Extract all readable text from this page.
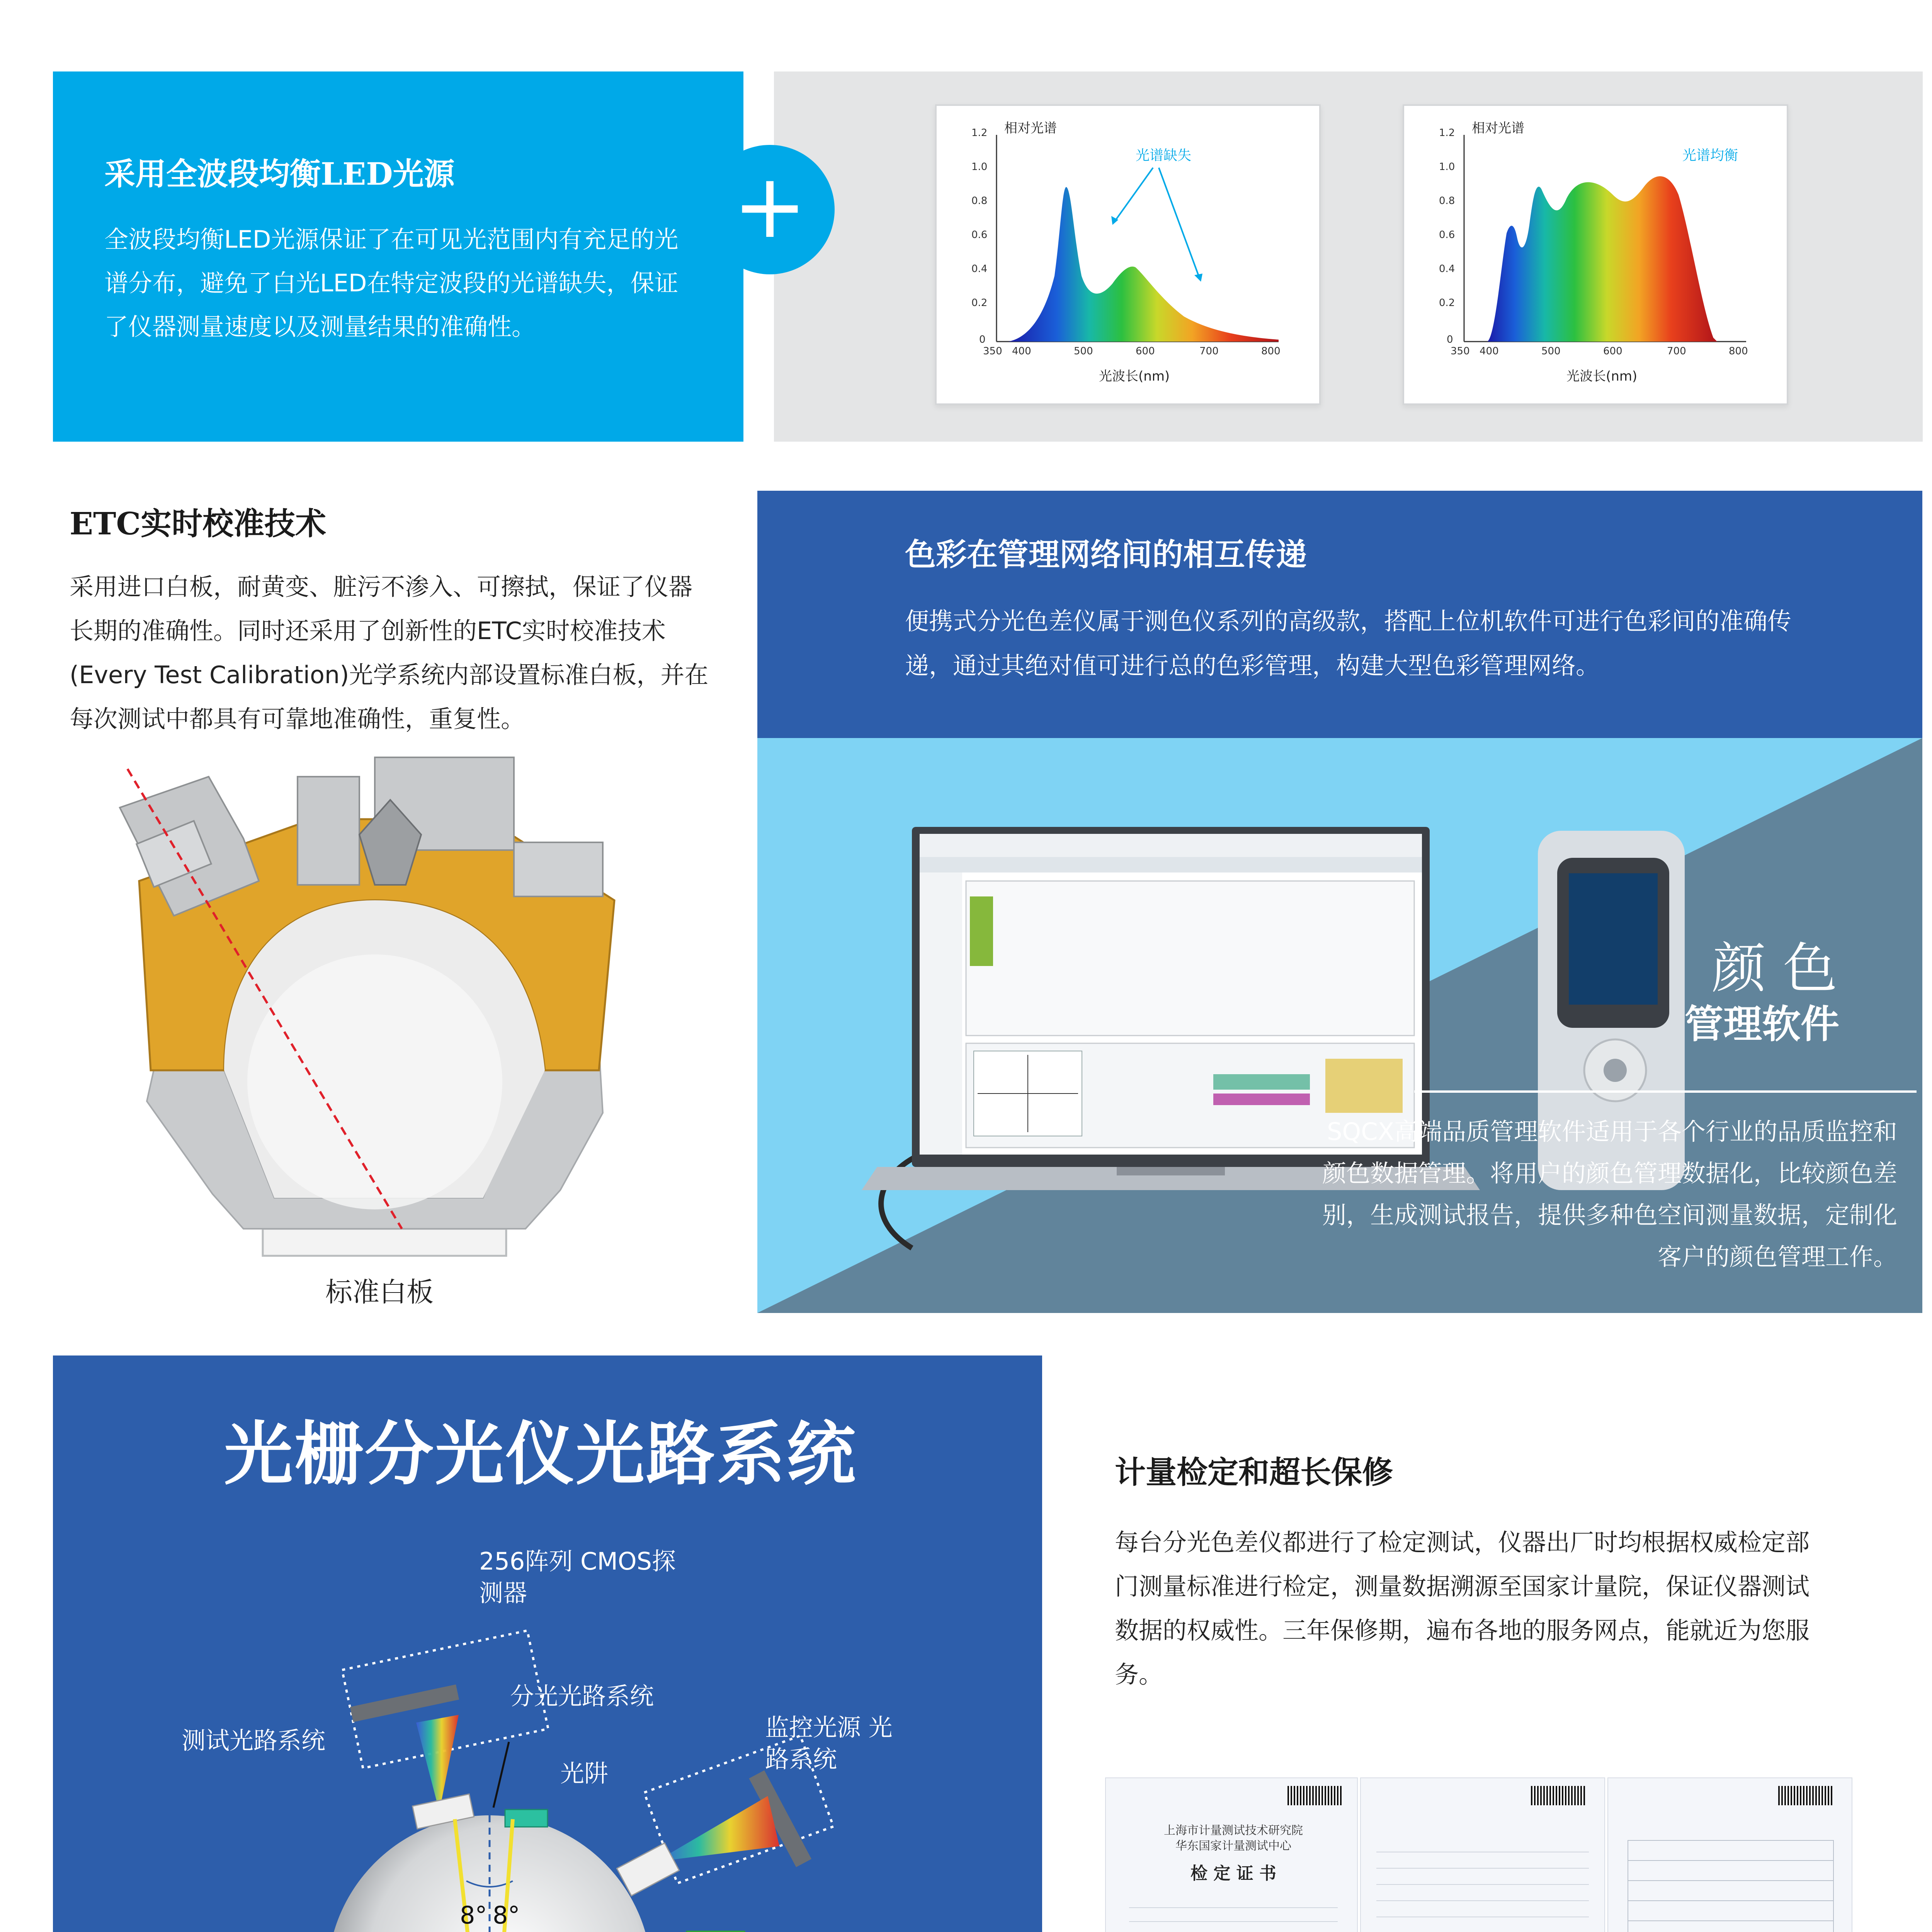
采用全波段均衡LED光源
全波段均衡LED光源保证了在可见光范围内有充足的光谱分布，避免了白光LED在特定波段的光谱缺失，保证了仪器测量速度以及测量结果的准确性。
+
相对光谱
光谱缺失
光波长(nm)
1.2
1.0
0.8
0.6
0.4
0.2
0
350 400	500	600	700	800
相对光谱
光谱均衡
光波长(nm)
1.2
1.0
0.8
0.6
0.4
0.2
0
350 400	500	600	700	800
ETC实时校准技术
采用进口白板，耐黄变、脏污不渗入、可擦拭，保证了仪器长期的准确性。同时还采用了创新性的ETC实时校准技术(Every Test Calibration)光学系统内部设置标准白板，并在每次测试中都具有可靠地准确性，重复性。
标准白板
色彩在管理网络间的相互传递
便携式分光色差仪属于测色仪系列的高级款，搭配上位机软件可进行色彩间的准确传递，通过其绝对值可进行总的色彩管理，构建大型色彩管理网络。
颜 色
管理软件
SQCX高端品质管理软件适用于各个行业的品质监控和颜色数据管理。将用户的颜色管理数据化，比较颜色差别，生成测试报告，提供多种色空间测量数据，定制化客户的颜色管理工作。
光栅分光仪光路系统
256阵列 CMOS探测器
分光光路系统
测试光路系统	监控光源 光路系统
光阱
8° 8°
计量检定和超长保修
每台分光色差仪都进行了检定测试，仪器出厂时均根据权威检定部门测量标准进行检定，测量数据溯源至国家计量院，保证仪器测试数据的权威性。三年保修期，遍布各地的服务网点，能就近为您服务。
上海市计量测试技术研究院
华东国家计量测试中心
检 定 证 书
